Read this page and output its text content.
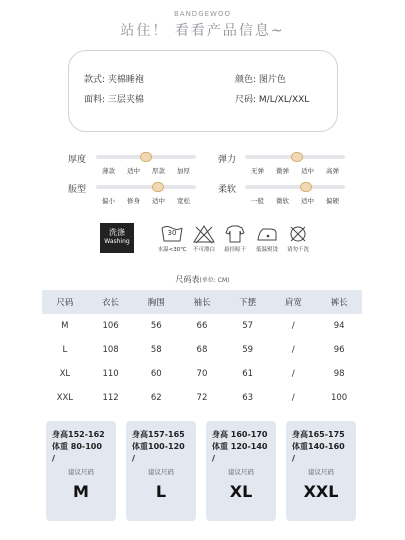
BANDGEWOO
站住！ 看看产品信息~
款式: 夹棉睡袍
面料: 三层夹棉
颜色: 图片色
尺码: M/L/XL/XXL
厚度
薄款	适中	厚款	加厚
弹力
无弹	微弹	适中	高弹
版型
偏小	修身	适中	宽松
柔软
一般	微软	适中	偏硬
洗涤
Washing
30
水温<30℃	不可漂白	悬挂晾干	低温熨烫	请勿干洗
尺码表(单位: CM)
尺码	衣长	胸围	袖长	下摆	肩宽	裤长
M	106	56	66	57	/	94
L	108	58	68	59	/	96
XL	110	60	70	61	/	98
XXL	112	62	72	63	/	100
身高152-162
体重 80-100
/
建议尺码
M
身高157-165
体重100-120
/
建议尺码
L
身高 160-170
体重 120-140
/
建议尺码
XL
身高165-175
体重140-160
/
建议尺码
XXL
